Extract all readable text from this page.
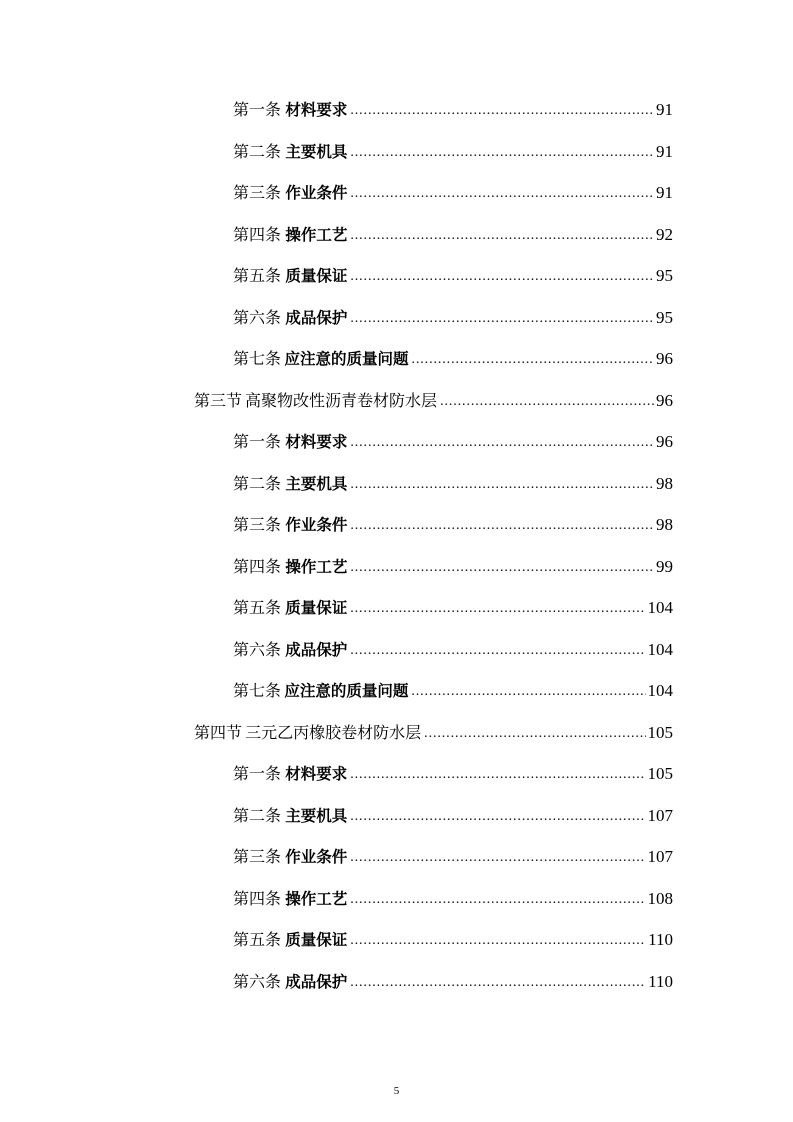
第一条 材料要求 .....	91
第二条 主要机具 .....	91
第三条 作业条件 .....	91
第四条 操作工艺 .....	92
第五条 质量保证 .....	95
第六条 成品保护 .....	95
第七条 应注意的质量问题 .....	96
第三节 高聚物改性沥青卷材防水层 .....	96
第一条 材料要求 .....	96
第二条 主要机具 .....	98
第三条 作业条件 .....	98
第四条 操作工艺 .....	99
第五条 质量保证 .....	104
第六条 成品保护 .....	104
第七条 应注意的质量问题 .....	104
第四节 三元乙丙橡胶卷材防水层 .....	105
第一条 材料要求 .....	105
第二条 主要机具 .....	107
第三条 作业条件 .....	107
第四条 操作工艺 .....	108
第五条 质量保证 .....	110
第六条 成品保护 .....	110
5
